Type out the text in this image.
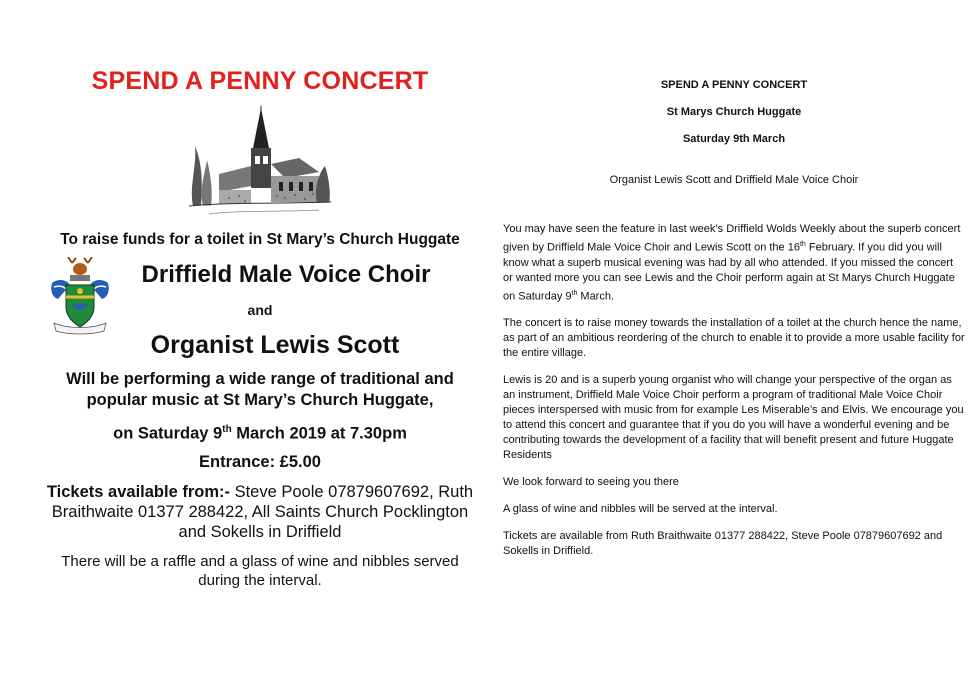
SPEND A PENNY CONCERT
To raise funds for a toilet in St Mary’s Church Huggate
Driffield Male Voice Choir
and
Organist Lewis Scott
Will be performing a wide range of traditional and popular music at St Mary’s Church Huggate,
on Saturday 9th March 2019 at 7.30pm
Entrance: £5.00
Tickets available from:- Steve Poole 07879607692, Ruth Braithwaite 01377 288422, All Saints Church Pocklington and Sokells in Driffield
There will be a raffle and a glass of wine and nibbles served during the interval.

SPEND A PENNY CONCERT

St Marys Church Huggate

Saturday 9th March

Organist Lewis Scott and Driffield Male Voice Choir
You may have seen the feature in last week’s Driffield Wolds Weekly about the superb concert given by Driffield Male Voice Choir and Lewis Scott on the 16th February. If you did you will know what a superb musical evening was had by all who attended. If you missed the concert or wanted more you can see Lewis and the Choir perform again at St Marys Church Huggate on Saturday 9th March.
The concert is to raise money towards the installation of a toilet at the church hence the name, as part of an ambitious reordering of the church to enable it to provide a more usable facility for the entire village.
Lewis is 20 and is a superb young organist who will change your perspective of the organ as an instrument, Driffield Male Voice Choir perform a program of traditional Male Voice Choir pieces interspersed with music from for example Les Miserable’s and Elvis. We encourage you to attend this concert and guarantee that if you do you will have a wonderful evening and be contributing towards the development of a facility that will benefit present and future Huggate Residents
We look forward to seeing you there
A glass of wine and nibbles will be served at the interval.
Tickets are available from Ruth Braithwaite 01377 288422, Steve Poole 07879607692 and Sokells in Driffield.
